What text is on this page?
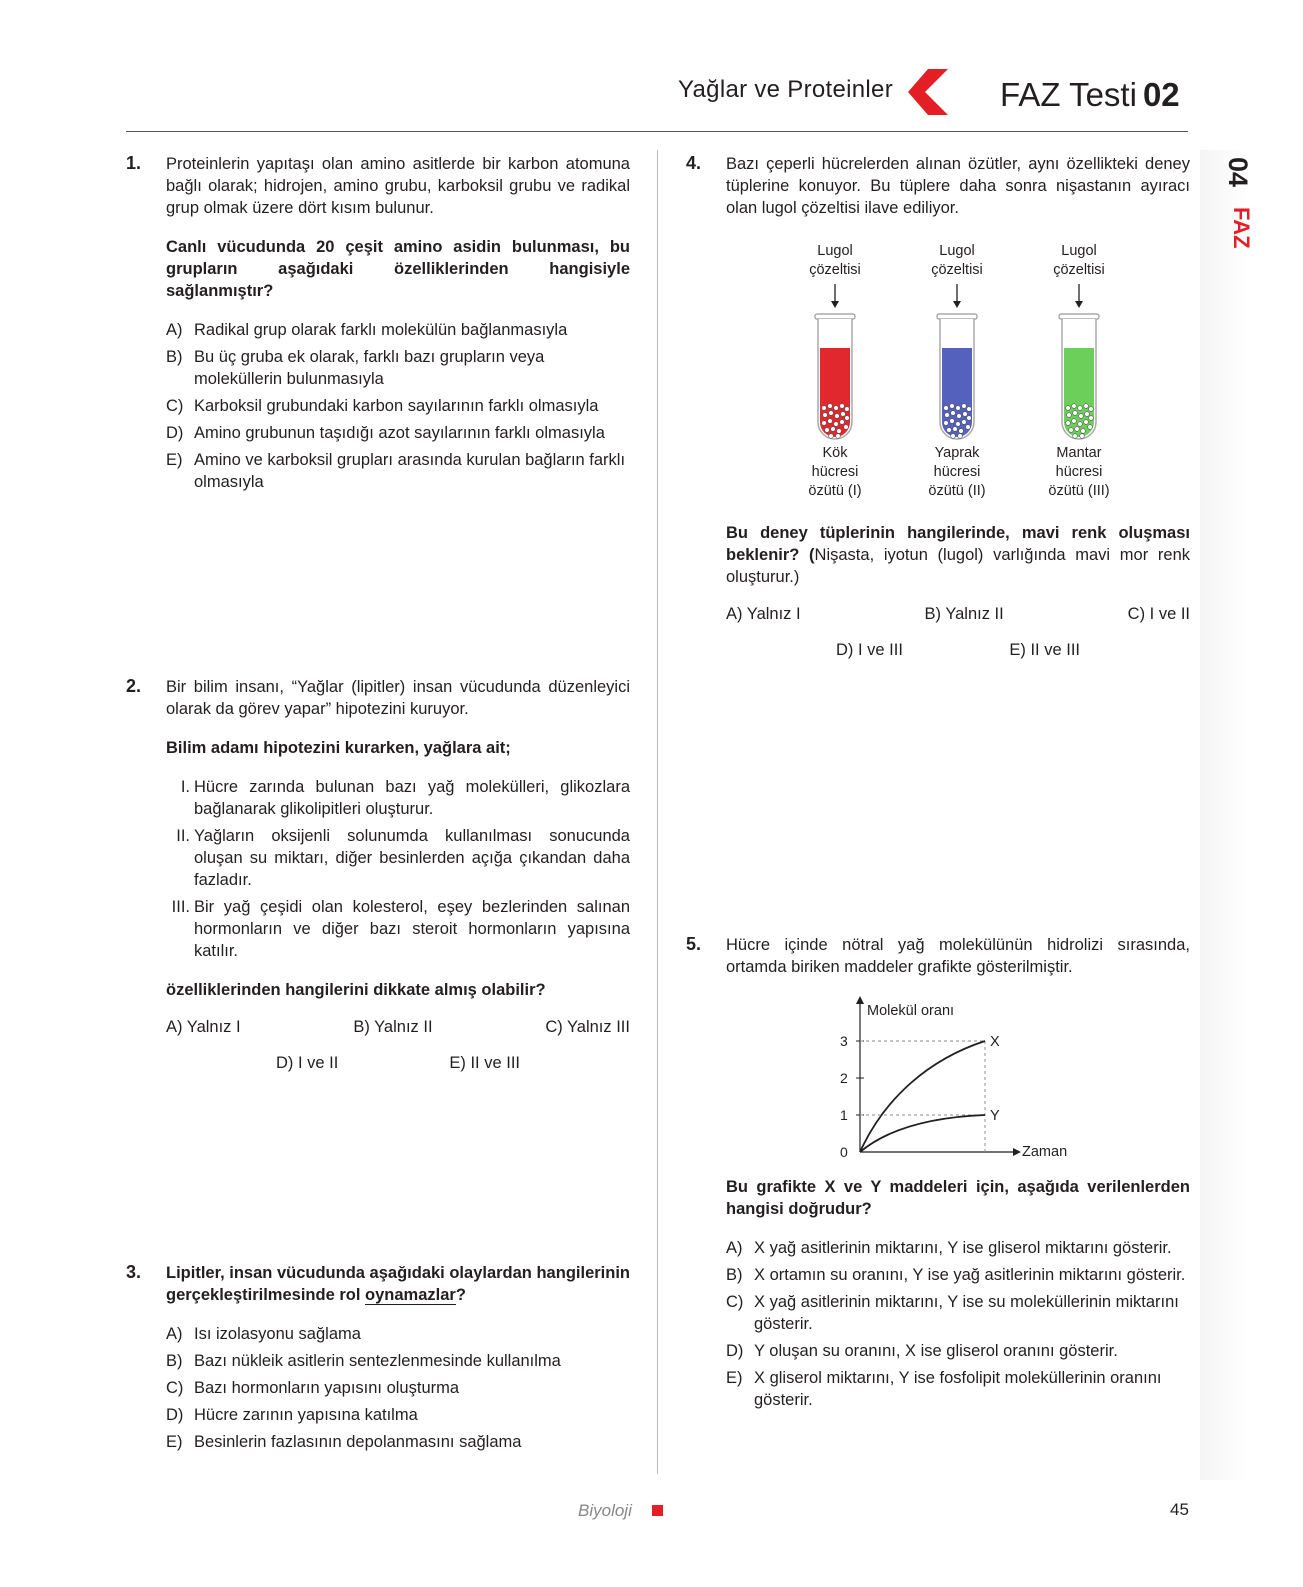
Yağlar ve Proteinler	FAZ Testi 02
04
FAZ
1. Proteinlerin yapıtaşı olan amino asitlerde bir karbon atomuna bağlı olarak; hidrojen, amino grubu, karboksil grubu ve radikal grup olmak üzere dört kısım bulunur.

Canlı vücudunda 20 çeşit amino asidin bulunması, bu grupların aşağıdaki özelliklerinden hangisiyle sağlanmıştır?

A) Radikal grup olarak farklı molekülün bağlanmasıyla
B) Bu üç gruba ek olarak, farklı bazı grupların veya moleküllerin bulunmasıyla
C) Karboksil grubundaki karbon sayılarının farklı olmasıyla
D) Amino grubunun taşıdığı azot sayılarının farklı olmasıyla
E) Amino ve karboksil grupları arasında kurulan bağların farklı olmasıyla
2. Bir bilim insanı, “Yağlar (lipitler) insan vücudunda düzenleyici olarak da görev yapar” hipotezini kuruyor.

Bilim adamı hipotezini kurarken, yağlara ait;

I. Hücre zarında bulunan bazı yağ molekülleri, glikozlara bağlanarak glikolipitleri oluşturur.
II. Yağların oksijenli solunumda kullanılması sonucunda oluşan su miktarı, diğer besinlerden açığa çıkandan daha fazladır.
III. Bir yağ çeşidi olan kolesterol, eşey bezlerinden salınan hormonların ve diğer bazı steroit hormonların yapısına katılır.

özelliklerinden hangilerini dikkate almış olabilir?

A) Yalnız I	B) Yalnız II	C) Yalnız III
D) I ve II	E) II ve III
3. Lipitler, insan vücudunda aşağıdaki olaylardan hangilerinin gerçekleştirilmesinde rol oynamazlar?

A) Isı izolasyonu sağlama
B) Bazı nükleik asitlerin sentezlenmesinde kullanılma
C) Bazı hormonların yapısını oluşturma
D) Hücre zarının yapısına katılma
E) Besinlerin fazlasının depolanmasını sağlama
4. Bazı çeperli hücrelerden alınan özütler, aynı özellikteki deney tüplerine konuyor. Bu tüplere daha sonra nişastanın ayıracı olan lugol çözeltisi ilave ediliyor.

Lugol
çözeltisi
Kök
hücresi
özütü (I)
Lugol
çözeltisi
Yaprak
hücresi
özütü (II)
Lugol
çözeltisi
Mantar
hücresi
özütü (III)

Bu deney tüplerinin hangilerinde, mavi renk oluşması beklenir? (Nişasta, iyotun (lugol) varlığında mavi mor renk oluşturur.)

A) Yalnız I	B) Yalnız II	C) I ve II
D) I ve III	E) II ve III
5. Hücre içinde nötral yağ molekülünün hidrolizi sırasında, ortamda biriken maddeler grafikte gösterilmiştir.

Molekül oranı
Zaman
0
1
2
3	X
Y

Bu grafikte X ve Y maddeleri için, aşağıda verilenlerden hangisi doğrudur?

A) X yağ asitlerinin miktarını, Y ise gliserol miktarını gösterir.
B) X ortamın su oranını, Y ise yağ asitlerinin miktarını gösterir.
C) X yağ asitlerinin miktarını, Y ise su moleküllerinin miktarını gösterir.
D) Y oluşan su oranını, X ise gliserol oranını gösterir.
E) X gliserol miktarını, Y ise fosfolipit moleküllerinin oranını gösterir.
Biyoloji	45
